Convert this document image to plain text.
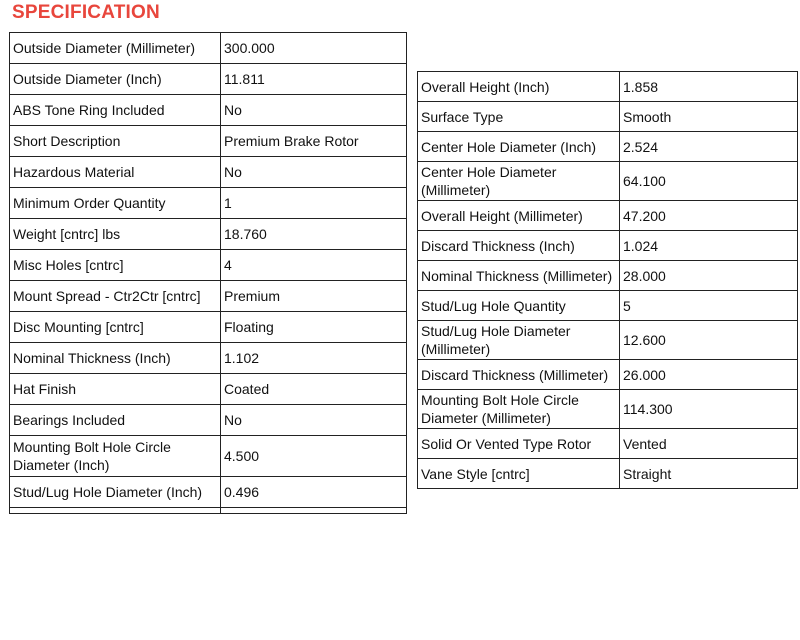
SPECIFICATION
Outside Diameter (Millimeter)	300.000
Outside Diameter (Inch)	11.811
ABS Tone Ring Included	No
Short Description	Premium Brake Rotor
Hazardous Material	No
Minimum Order Quantity	1
Weight [cntrc] lbs	18.760
Misc Holes [cntrc]	4
Mount Spread - Ctr2Ctr [cntrc]	Premium
Disc Mounting [cntrc]	Floating
Nominal Thickness (Inch)	1.102
Hat Finish	Coated
Bearings Included	No
Mounting Bolt Hole Circle Diameter (Inch)	4.500
Stud/Lug Hole Diameter (Inch)	0.496

Overall Height (Inch)	1.858
Surface Type	Smooth
Center Hole Diameter (Inch)	2.524
Center Hole Diameter (Millimeter)	64.100
Overall Height (Millimeter)	47.200
Discard Thickness (Inch)	1.024
Nominal Thickness (Millimeter)	28.000
Stud/Lug Hole Quantity	5
Stud/Lug Hole Diameter (Millimeter)	12.600
Discard Thickness (Millimeter)	26.000
Mounting Bolt Hole Circle Diameter (Millimeter)	114.300
Solid Or Vented Type Rotor	Vented
Vane Style [cntrc]	Straight
